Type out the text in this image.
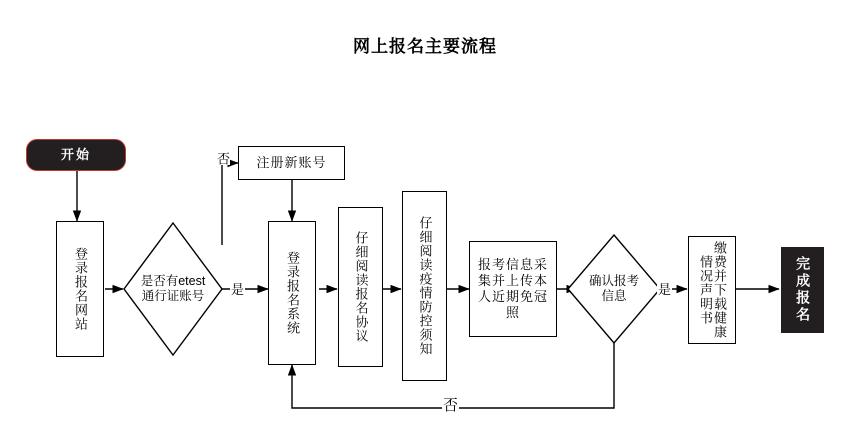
网上报名主要流程
开始
登录报名网站	是否有etest通行证账号
注册新账号
登录报名系统	仔细阅读报名协议	仔细阅读疫情防控须知	报考信息采集并上传本人近期免冠照
确认报考信息	缴费并下载健康情况声明书	完成报名
否
是	是
否
